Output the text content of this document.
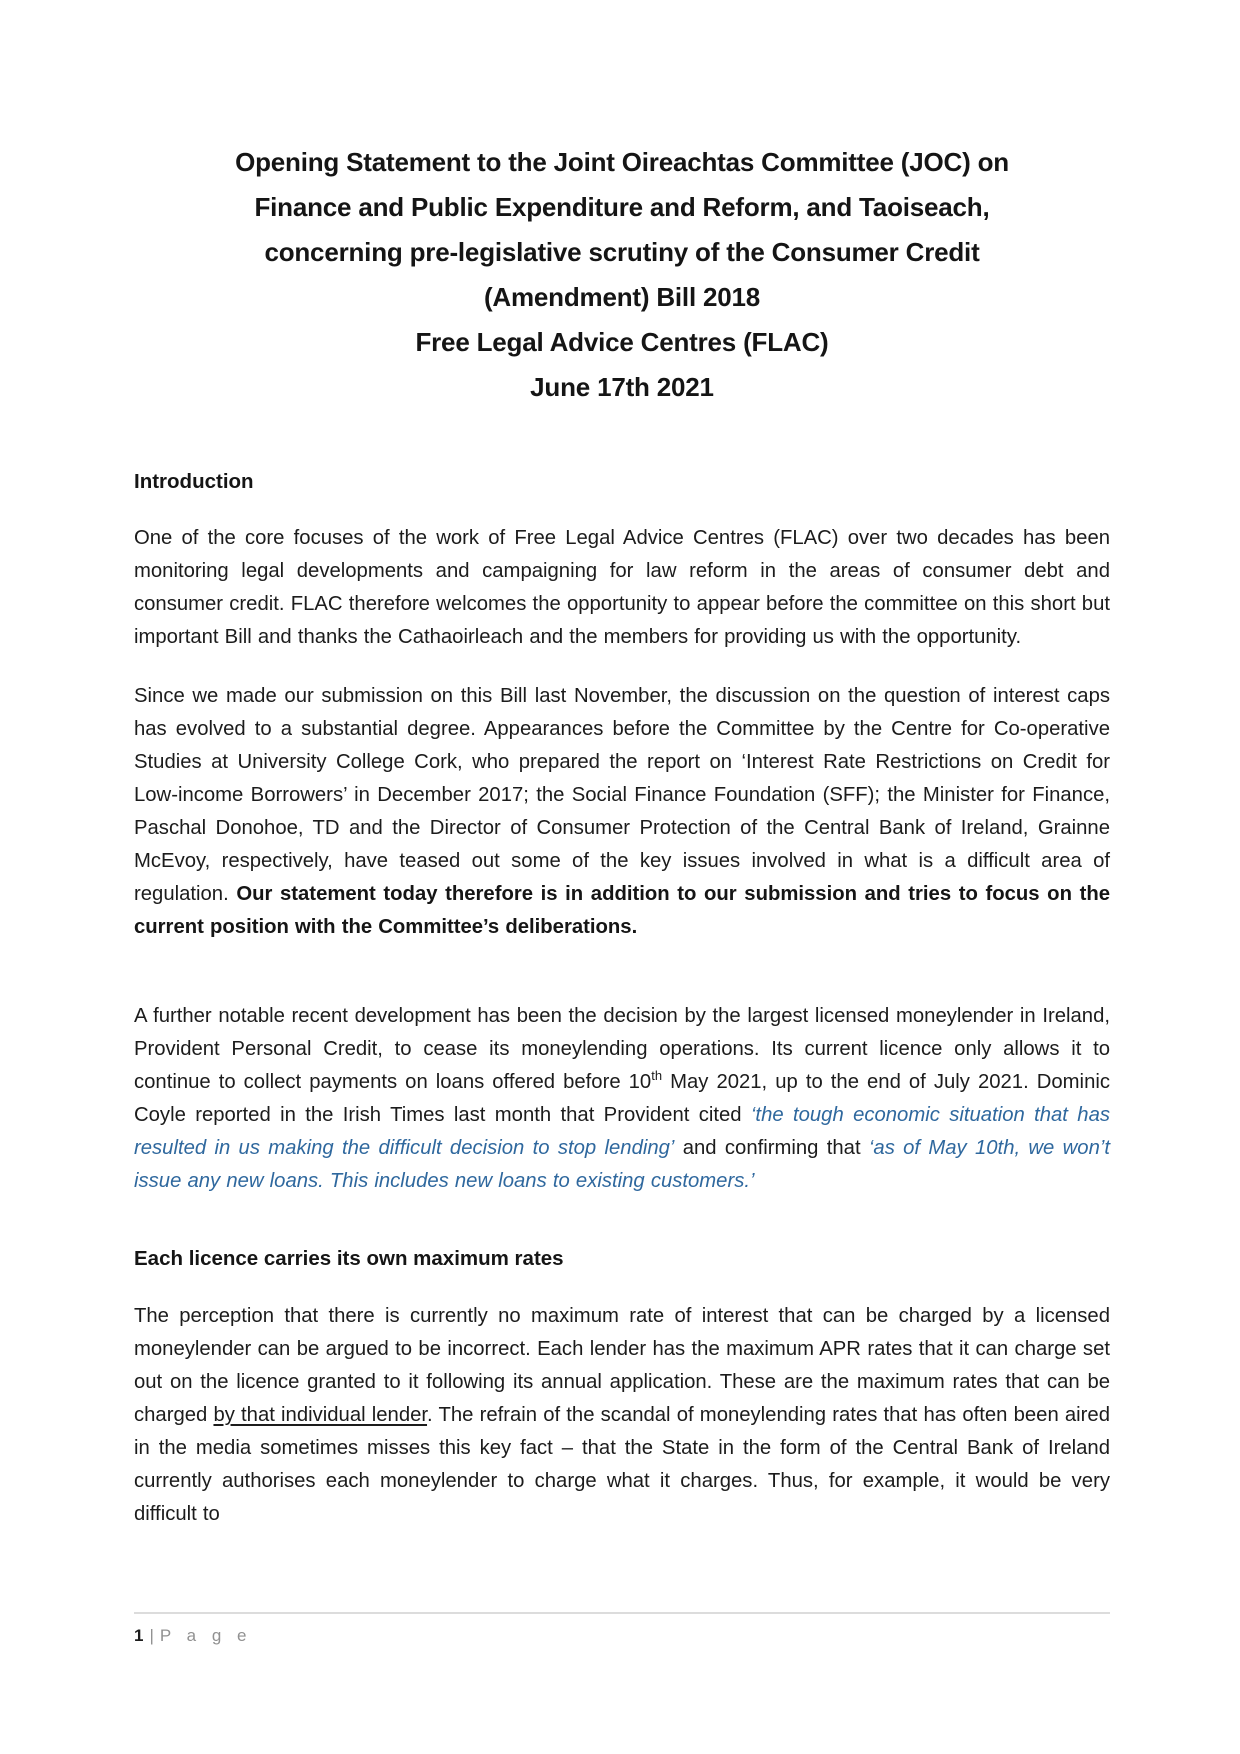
Opening Statement to the Joint Oireachtas Committee (JOC) on
Finance and Public Expenditure and Reform, and Taoiseach,
concerning pre-legislative scrutiny of the Consumer Credit
(Amendment) Bill 2018
Free Legal Advice Centres (FLAC)
June 17th 2021
Introduction

One of the core focuses of the work of Free Legal Advice Centres (FLAC) over two decades has been monitoring legal developments and campaigning for law reform in the areas of consumer debt and consumer credit. FLAC therefore welcomes the opportunity to appear before the committee on this short but important Bill and thanks the Cathaoirleach and the members for providing us with the opportunity.

Since we made our submission on this Bill last November, the discussion on the question of interest caps has evolved to a substantial degree. Appearances before the Committee by the Centre for Co-operative Studies at University College Cork, who prepared the report on ‘Interest Rate Restrictions on Credit for Low-income Borrowers’ in December 2017; the Social Finance Foundation (SFF); the Minister for Finance, Paschal Donohoe, TD and the Director of Consumer Protection of the Central Bank of Ireland, Grainne McEvoy, respectively, have teased out some of the key issues involved in what is a difficult area of regulation. Our statement today therefore is in addition to our submission and tries to focus on the current position with the Committee’s deliberations.

A further notable recent development has been the decision by the largest licensed moneylender in Ireland, Provident Personal Credit, to cease its moneylending operations. Its current licence only allows it to continue to collect payments on loans offered before 10th May 2021, up to the end of July 2021. Dominic Coyle reported in the Irish Times last month that Provident cited ‘the tough economic situation that has resulted in us making the difficult decision to stop lending’ and confirming that ‘as of May 10th, we won’t issue any new loans. This includes new loans to existing customers.’

Each licence carries its own maximum rates

The perception that there is currently no maximum rate of interest that can be charged by a licensed moneylender can be argued to be incorrect. Each lender has the maximum APR rates that it can charge set out on the licence granted to it following its annual application. These are the maximum rates that can be charged by that individual lender. The refrain of the scandal of moneylending rates that has often been aired in the media sometimes misses this key fact – that the State in the form of the Central Bank of Ireland currently authorises each moneylender to charge what it charges. Thus, for example, it would be very difficult to

1 | P a g e
